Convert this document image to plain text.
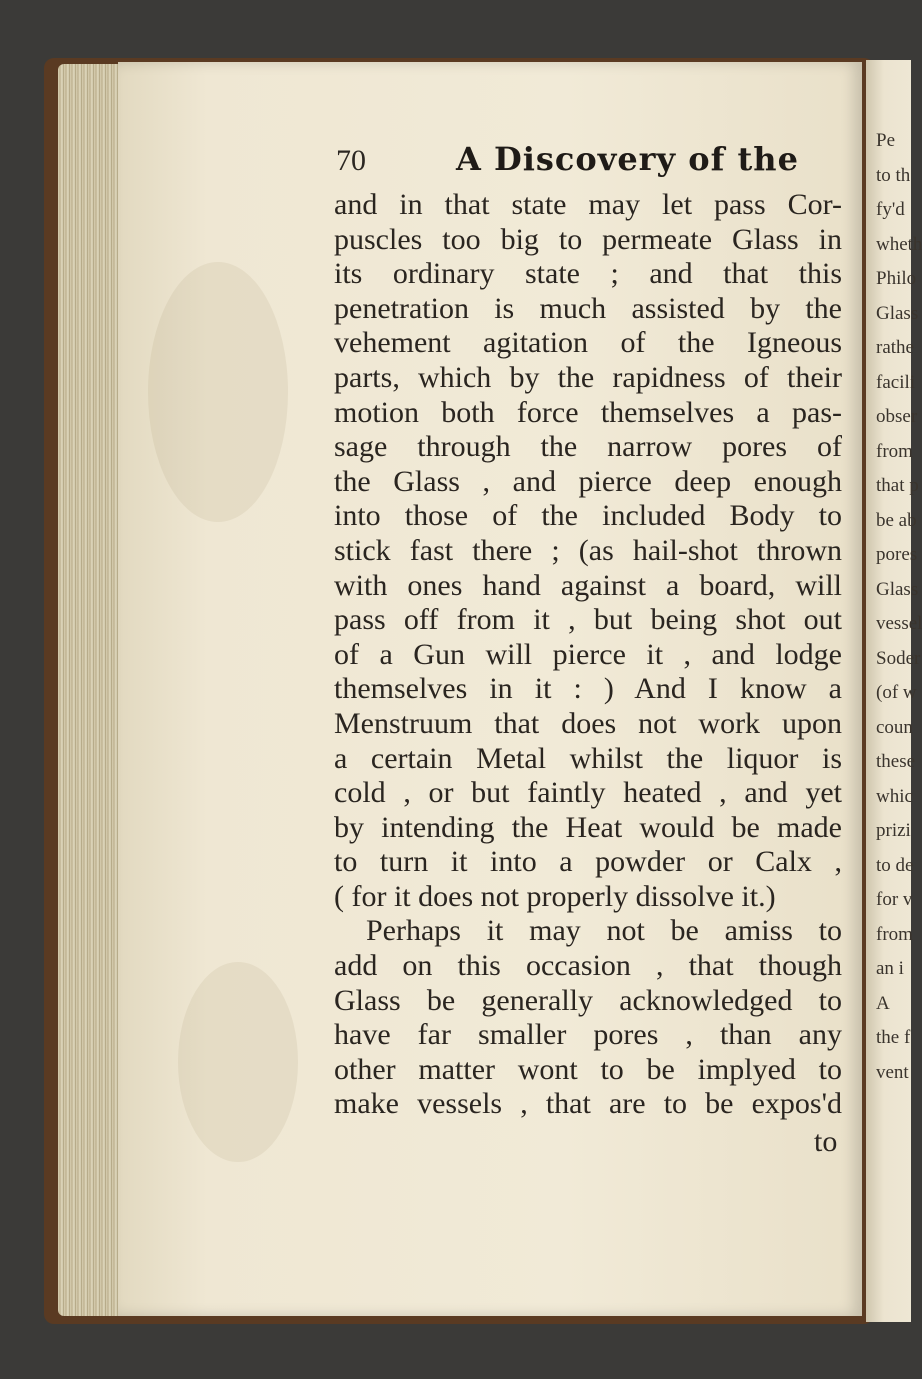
Pe
to th
fy'd
wheth
Philo
Glass
rathe
facili
obser
from
that p
be ab
pores
Glass
vessel
Soder
(of w
coun
these
whic
prizi
to de
for v
from
an i
A
the f
vent
70	A Discovery of the
and in that state may let pass Cor-
puscles too big to permeate Glass in
its ordinary state ; and that this
penetration is much assisted by the
vehement agitation of the Igneous
parts, which by the rapidness of their
motion both force themselves a pas-
sage through the narrow pores of
the Glass , and pierce deep enough
into those of the included Body to
stick fast there ; (as hail-shot thrown
with ones hand against a board, will
pass off from it , but being shot out
of a Gun will pierce it , and lodge
themselves in it : ) And I know a
Menstruum that does not work upon
a certain Metal whilst the liquor is
cold , or but faintly heated , and yet
by intending the Heat would be made
to turn it into a powder or Calx ,
( for it does not properly dissolve it.)
Perhaps it may not be amiss to
add on this occasion , that though
Glass be generally acknowledged to
have far smaller pores , than any
other matter wont to be implyed to
make vessels , that are to be expos'd
to
